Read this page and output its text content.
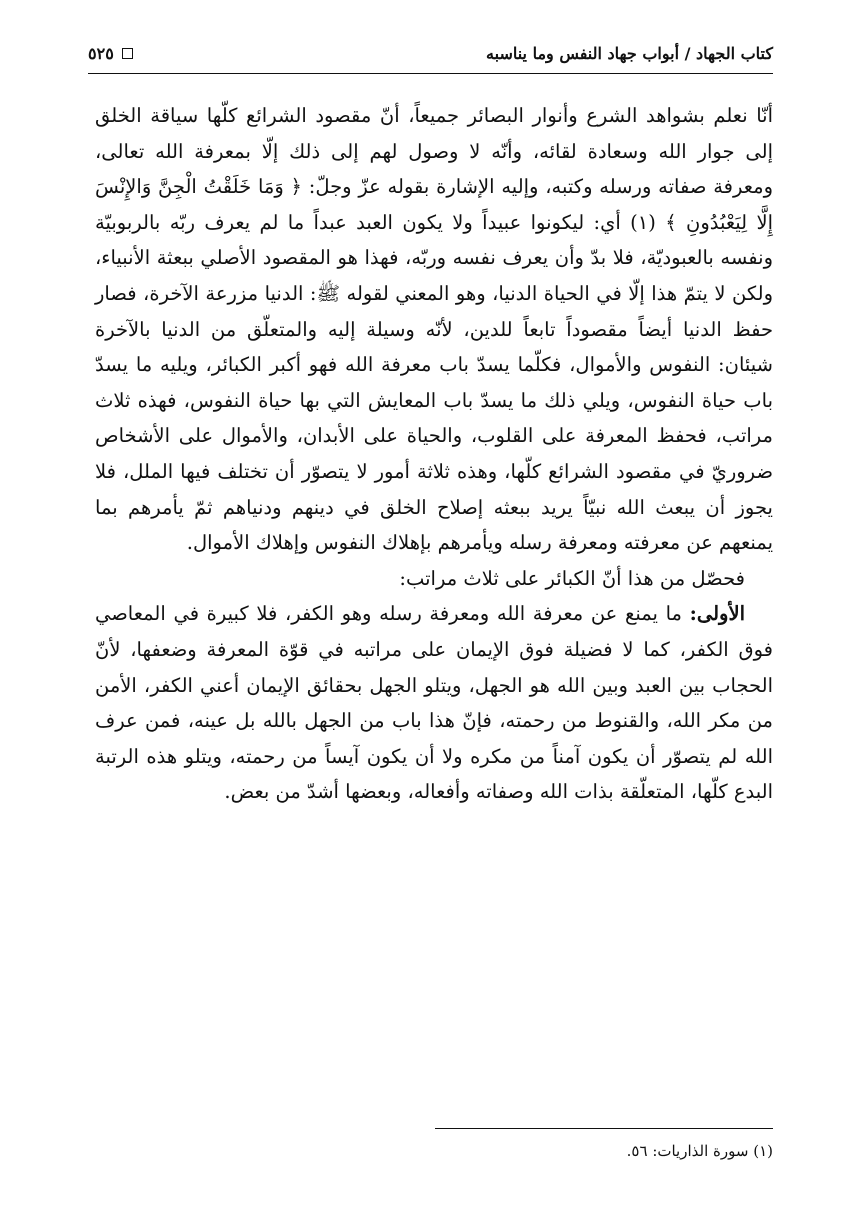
كتاب الجهاد / أبواب جهاد النفس وما يناسبه
٥٢٥

أنّا نعلم بشواهد الشرع وأنوار البصائر جميعاً، أنّ مقصود الشرائع كلّها سياقة الخلق إلى جوار الله وسعادة لقائه، وأنّه لا وصول لهم إلى ذلك إلّا بمعرفة الله تعالى، ومعرفة صفاته ورسله وكتبه، وإليه الإشارة بقوله عزّ وجلّ: ﴿ وَمَا خَلَقْتُ الْجِنَّ وَالإِنْسَ إِلَّا لِيَعْبُدُونِ ﴾ (١) أي: ليكونوا عبيداً ولا يكون العبد عبداً ما لم يعرف ربّه بالربوبيّة ونفسه بالعبوديّة، فلا بدّ وأن يعرف نفسه وربّه، فهذا هو المقصود الأصلي ببعثة الأنبياء، ولكن لا يتمّ هذا إلّا في الحياة الدنيا، وهو المعني لقوله ﷺ: الدنيا مزرعة الآخرة، فصار حفظ الدنيا أيضاً مقصوداً تابعاً للدين، لأنّه وسيلة إليه والمتعلّق من الدنيا بالآخرة شيئان: النفوس والأموال، فكلّما يسدّ باب معرفة الله فهو أكبر الكبائر، ويليه ما يسدّ باب حياة النفوس، ويلي ذلك ما يسدّ باب المعايش التي بها حياة النفوس، فهذه ثلاث مراتب، فحفظ المعرفة على القلوب، والحياة على الأبدان، والأموال على الأشخاص ضروريّ في مقصود الشرائع كلّها، وهذه ثلاثة أمور لا يتصوّر أن تختلف فيها الملل، فلا يجوز أن يبعث الله نبيّاً يريد ببعثه إصلاح الخلق في دينهم ودنياهم ثمّ يأمرهم بما يمنعهم عن معرفته ومعرفة رسله ويأمرهم بإهلاك النفوس وإهلاك الأموال.

فحصّل من هذا أنّ الكبائر على ثلاث مراتب:

الأولى: ما يمنع عن معرفة الله ومعرفة رسله وهو الكفر، فلا كبيرة في المعاصي فوق الكفر، كما لا فضيلة فوق الإيمان على مراتبه في قوّة المعرفة وضعفها، لأنّ الحجاب بين العبد وبين الله هو الجهل، ويتلو الجهل بحقائق الإيمان أعني الكفر، الأمن من مكر الله، والقنوط من رحمته، فإنّ هذا باب من الجهل بالله بل عينه، فمن عرف الله لم يتصوّر أن يكون آمناً من مكره ولا أن يكون آيساً من رحمته، ويتلو هذه الرتبة البدع كلّها، المتعلّقة بذات الله وصفاته وأفعاله، وبعضها أشدّ من بعض.

(١) سورة الذاريات: ٥٦.
